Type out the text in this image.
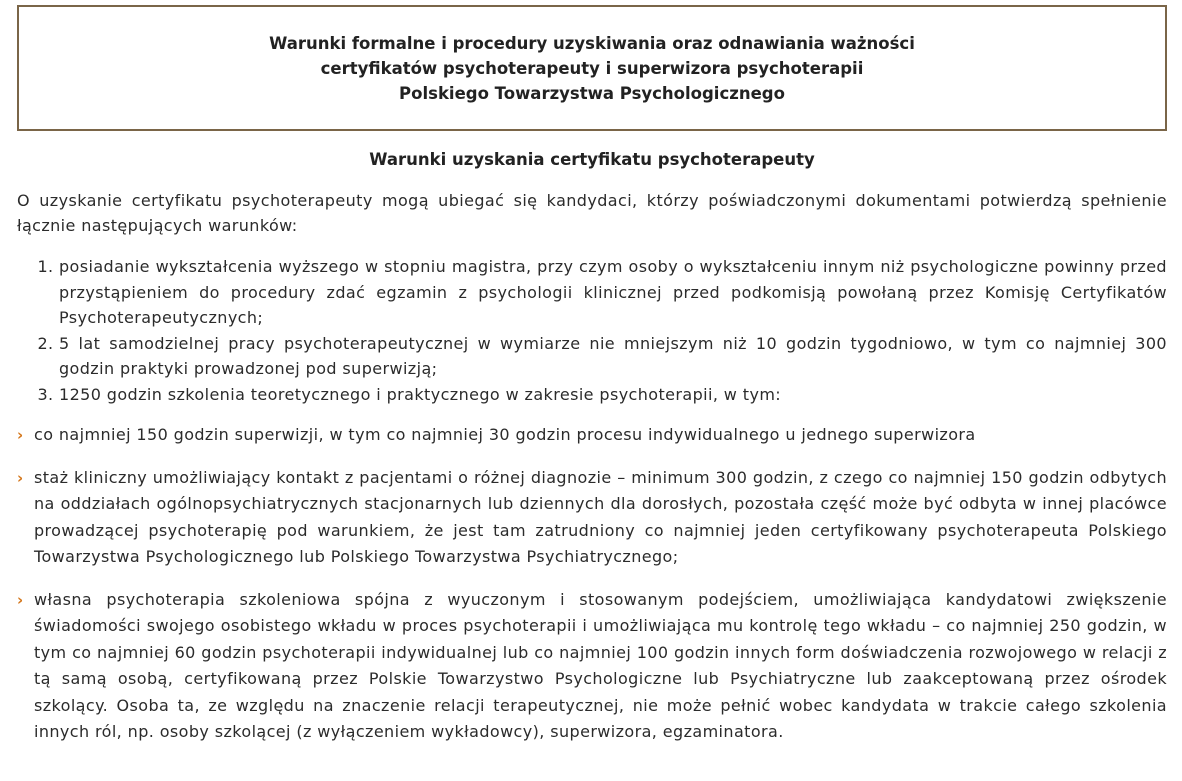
Warunki formalne i procedury uzyskiwania oraz odnawiania ważności
certyfikatów psychoterapeuty i superwizora psychoterapii
Polskiego Towarzystwa Psychologicznego
Warunki uzyskania certyfikatu psychoterapeuty
O uzyskanie certyfikatu psychoterapeuty mogą ubiegać się kandydaci, którzy poświadczonymi dokumentami potwierdzą spełnienie łącznie następujących warunków:
1. posiadanie wykształcenia wyższego w stopniu magistra, przy czym osoby o wykształceniu innym niż psychologiczne powinny przed przystąpieniem do procedury zdać egzamin z psychologii klinicznej przed podkomisją powołaną przez Komisję Certyfikatów Psychoterapeutycznych;
2. 5 lat samodzielnej pracy psychoterapeutycznej w wymiarze nie mniejszym niż 10 godzin tygodniowo, w tym co najmniej 300 godzin praktyki prowadzonej pod superwizją;
3. 1250 godzin szkolenia teoretycznego i praktycznego w zakresie psychoterapii, w tym:
› co najmniej 150 godzin superwizji, w tym co najmniej 30 godzin procesu indywidualnego u jednego superwizora
› staż kliniczny umożliwiający kontakt z pacjentami o różnej diagnozie – minimum 300 godzin, z czego co najmniej 150 godzin odbytych na oddziałach ogólnopsychiatrycznych stacjonarnych lub dziennych dla dorosłych, pozostała część może być odbyta w innej placówce prowadzącej psychoterapię pod warunkiem, że jest tam zatrudniony co najmniej jeden certyfikowany psychoterapeuta Polskiego Towarzystwa Psychologicznego lub Polskiego Towarzystwa Psychiatrycznego;
› własna psychoterapia szkoleniowa spójna z wyuczonym i stosowanym podejściem, umożliwiająca kandydatowi zwiększenie świadomości swojego osobistego wkładu w proces psychoterapii i umożliwiająca mu kontrolę tego wkładu – co najmniej 250 godzin, w tym co najmniej 60 godzin psychoterapii indywidualnej lub co najmniej 100 godzin innych form doświadczenia rozwojowego w relacji z tą samą osobą, certyfikowaną przez Polskie Towarzystwo Psychologiczne lub Psychiatryczne lub zaakceptowaną przez ośrodek szkolący. Osoba ta, ze względu na znaczenie relacji terapeutycznej, nie może pełnić wobec kandydata w trakcie całego szkolenia innych ról, np. osoby szkolącej (z wyłączeniem wykładowcy), superwizora, egzaminatora.
